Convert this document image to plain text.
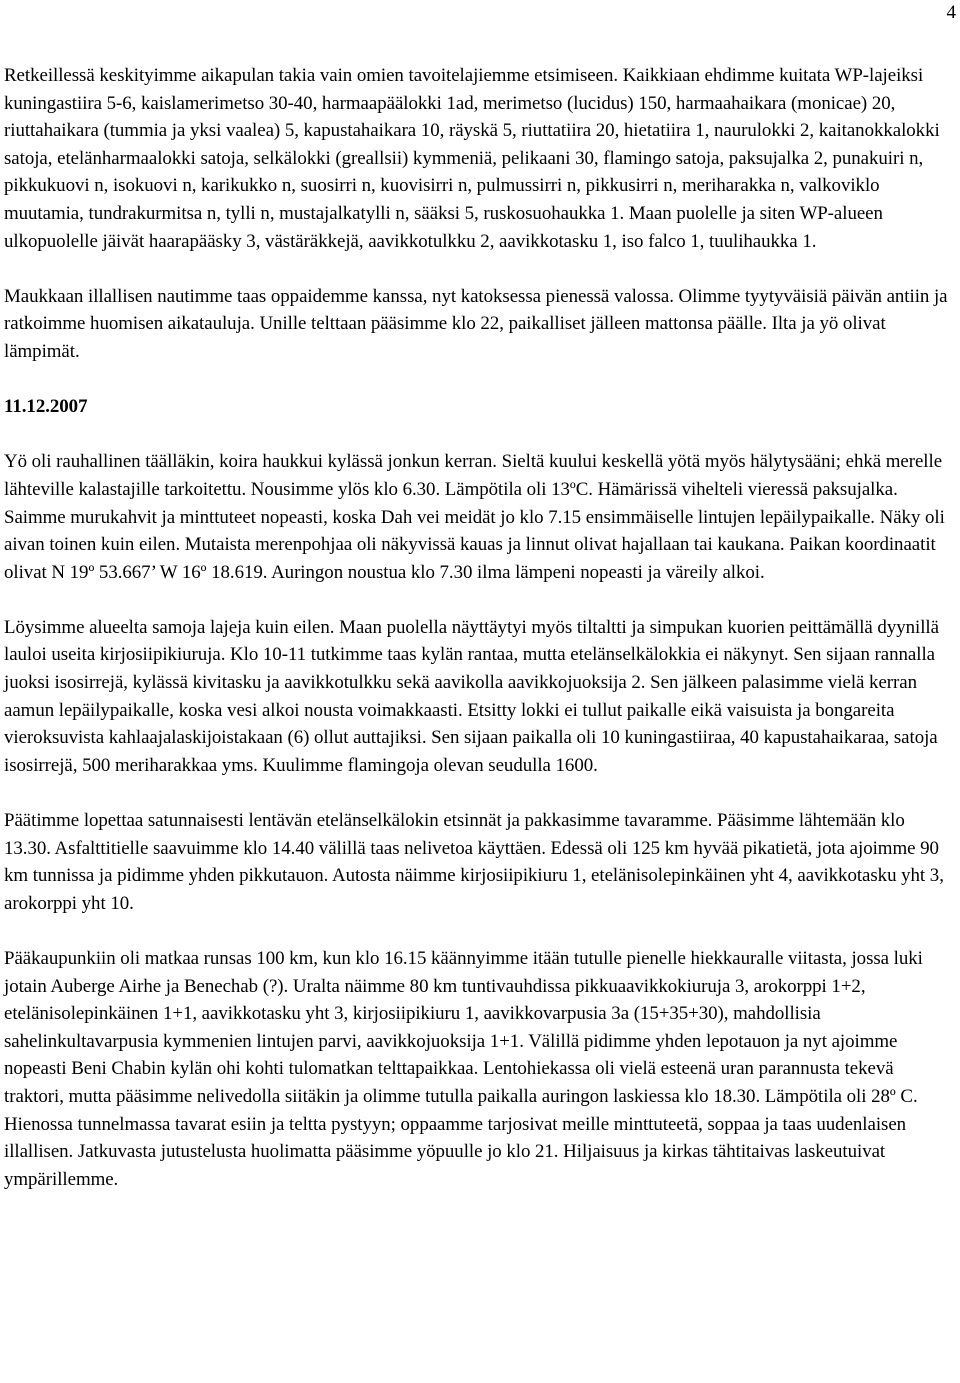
4

Retkeillessä keskityimme aikapulan takia vain omien tavoitelajiemme etsimiseen. Kaikkiaan ehdimme kuitata WP-lajeiksi kuningastiira 5-6, kaislamerimetso 30-40, harmaapäälokki 1ad, merimetso (lucidus) 150, harmaahaikara (monicae) 20, riuttahaikara (tummia ja yksi vaalea) 5, kapustahaikara 10, räyskä 5, riuttatiira 20, hietatiira 1, naurulokki 2, kaitanokkalokki satoja, etelänharmaalokki satoja, selkälokki (greallsii) kymmeniä, pelikaani 30, flamingo satoja, paksujalka 2, punakuiri n, pikkukuovi n, isokuovi n, karikukko n, suosirri n, kuovisirri n, pulmussirri n, pikkusirri n, meriharakka n, valkoviklo muutamia, tundrakurmitsa n, tylli n, mustajalkatylli n, sääksi 5, ruskosuohaukka 1. Maan puolelle ja siten WP-alueen ulkopuolelle jäivät haarapääsky 3, västäräkkejä, aavikkotulkku 2, aavikkotasku 1, iso falco 1, tuulihaukka 1.

Maukkaan illallisen nautimme taas oppaidemme kanssa, nyt katoksessa pienessä valossa. Olimme tyytyväisiä päivän antiin ja ratkoimme huomisen aikatauluja. Unille telttaan pääsimme klo 22, paikalliset jälleen mattonsa päälle. Ilta ja yö olivat lämpimät.

11.12.2007

Yö oli rauhallinen täälläkin, koira haukkui kylässä jonkun kerran. Sieltä kuului keskellä yötä myös hälytysääni; ehkä merelle lähteville kalastajille tarkoitettu. Nousimme ylös klo 6.30. Lämpötila oli 13ºC. Hämärissä vihelteli vieressä paksujalka. Saimme murukahvit ja minttuteet nopeasti, koska Dah vei meidät jo klo 7.15 ensimmäiselle lintujen lepäilypaikalle. Näky oli aivan toinen kuin eilen. Mutaista merenpohjaa oli näkyvissä kauas ja linnut olivat hajallaan tai kaukana. Paikan koordinaatit olivat N 19º 53.667’ W 16º 18.619. Auringon noustua klo 7.30 ilma lämpeni nopeasti ja väreily alkoi.

Löysimme alueelta samoja lajeja kuin eilen. Maan puolella näyttäytyi myös tiltaltti ja simpukan kuorien peittämällä dyynillä lauloi useita kirjosiipikiuruja. Klo 10-11 tutkimme taas kylän rantaa, mutta etelänselkälokkia ei näkynyt. Sen sijaan rannalla juoksi isosirrejä, kylässä kivitasku ja aavikkotulkku sekä aavikolla aavikkojuoksija 2. Sen jälkeen palasimme vielä kerran aamun lepäilypaikalle, koska vesi alkoi nousta voimakkaasti. Etsitty lokki ei tullut paikalle eikä vaisuista ja bongareita vieroksuvista kahlaajalaskijoistakaan (6) ollut auttajiksi. Sen sijaan paikalla oli 10 kuningastiiraa, 40 kapustahaikaraa, satoja isosirrejä, 500 meriharakkaa yms. Kuulimme flamingoja olevan seudulla 1600.

Päätimme lopettaa satunnaisesti lentävän etelänselkälokin etsinnät ja pakkasimme tavaramme. Pääsimme lähtemään klo 13.30. Asfalttitielle saavuimme klo 14.40 välillä taas nelivetoa käyttäen. Edessä oli 125 km hyvää pikatietä, jota ajoimme 90 km tunnissa ja pidimme yhden pikkutauon. Autosta näimme kirjosiipikiuru 1, etelänisolepinkäinen yht 4, aavikkotasku yht 3, arokorppi yht 10.

Pääkaupunkiin oli matkaa runsas 100 km, kun klo 16.15 käännyimme itään tutulle pienelle hiekkauralle viitasta, jossa luki jotain Auberge Airhe ja Benechab (?). Uralta näimme 80 km tuntivauhdissa pikkuaavikkokiuruja 3, arokorppi 1+2, etelänisolepinkäinen 1+1, aavikkotasku yht 3, kirjosiipikiuru 1, aavikkovarpusia 3a (15+35+30), mahdollisia sahelinkultavarpusia kymmenien lintujen parvi, aavikkojuoksija 1+1. Välillä pidimme yhden lepotauon ja nyt ajoimme nopeasti Beni Chabin kylän ohi kohti tulomatkan telttapaikkaa. Lentohiekassa oli vielä esteenä uran parannusta tekevä traktori, mutta pääsimme nelivedolla siitäkin ja olimme tutulla paikalla auringon laskiessa klo 18.30. Lämpötila oli 28º C. Hienossa tunnelmassa tavarat esiin ja teltta pystyyn; oppaamme tarjosivat meille minttuteetä, soppaa ja taas uudenlaisen illallisen. Jatkuvasta jutustelusta huolimatta pääsimme yöpuulle jo klo 21. Hiljaisuus ja kirkas tähtitaivas laskeutuivat ympärillemme.
